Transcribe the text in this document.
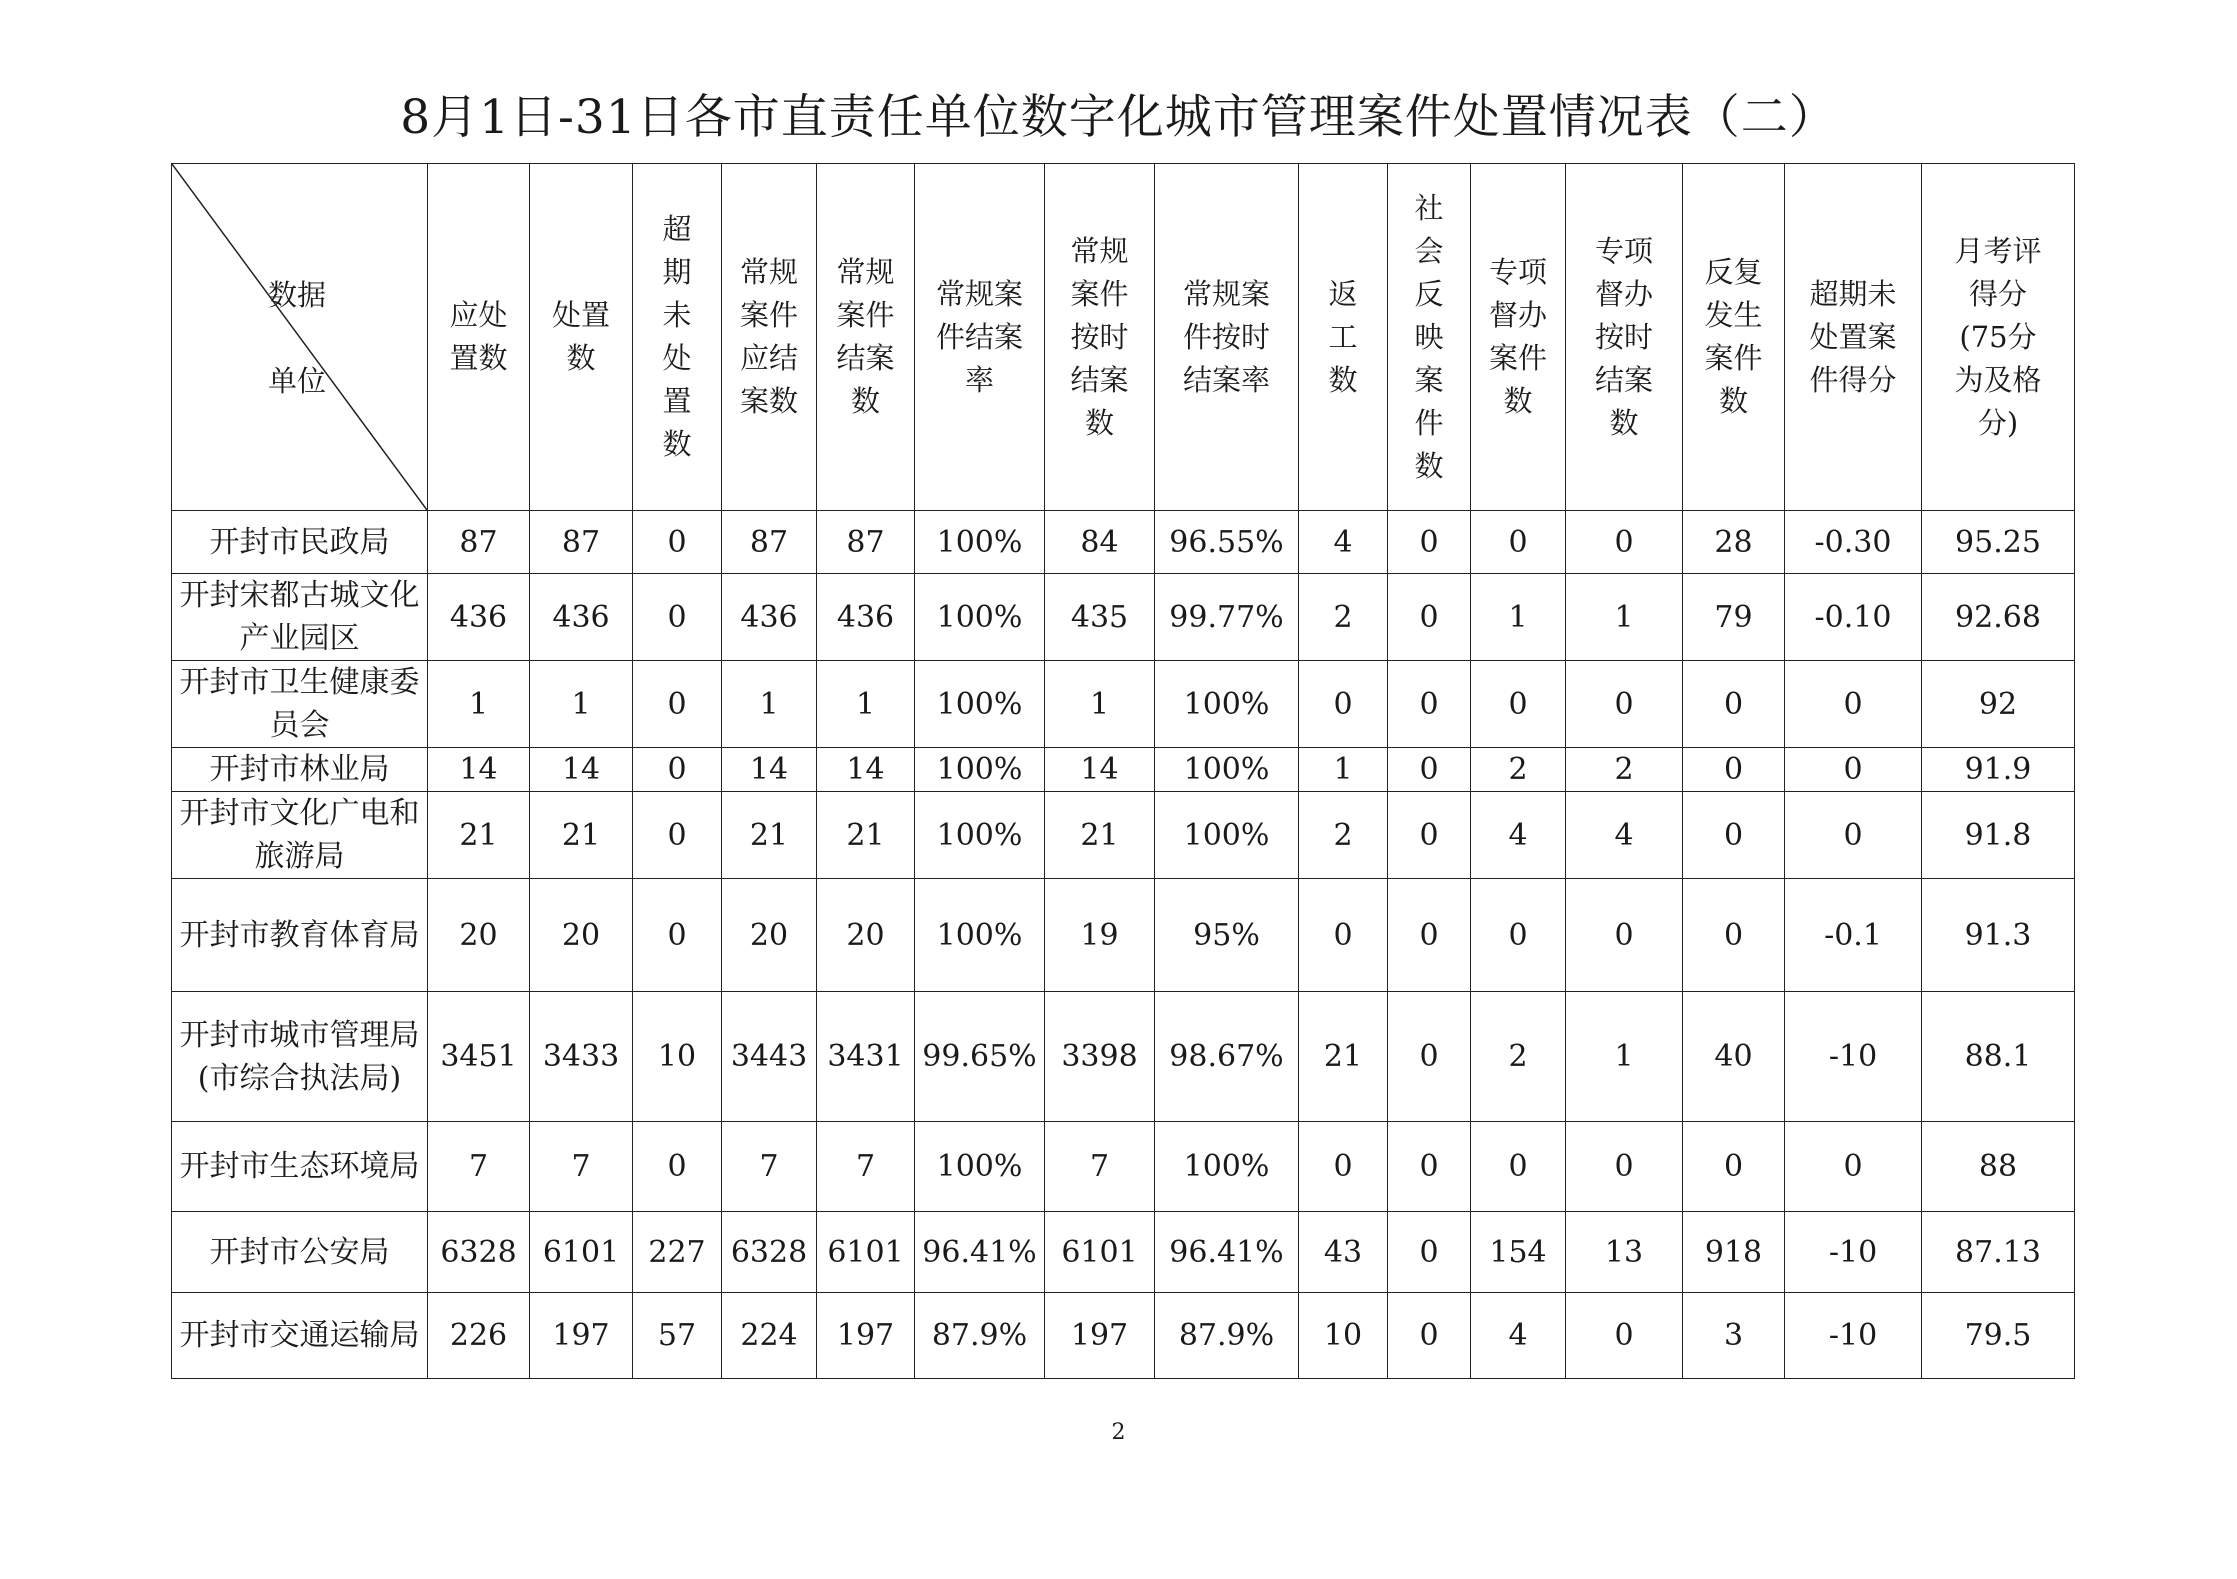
8月1日-31日各市直责任单位数字化城市管理案件处置情况表（二）
数据
单位	应处置数	处置数	超期未处置数	常规案件应结案数	常规案件结案数	常规案件结案率	常规案件按时结案数	常规案件按时结案率	返工数	社会反映案件数	专项督办案件数	专项督办按时结案数	反复发生案件数	超期未处置案件得分	月考评得分(75分为及格分)

开封市民政局	87	87	0	87	87	100%	84	96.55%	4	0	0	0	28	-0.30	95.25
开封宋都古城文化产业园区	436	436	0	436	436	100%	435	99.77%	2	0	1	1	79	-0.10	92.68
开封市卫生健康委员会	1	1	0	1	1	100%	1	100%	0	0	0	0	0	0	92
开封市林业局	14	14	0	14	14	100%	14	100%	1	0	2	2	0	0	91.9
开封市文化广电和旅游局	21	21	0	21	21	100%	21	100%	2	0	4	4	0	0	91.8
开封市教育体育局	20	20	0	20	20	100%	19	95%	0	0	0	0	0	-0.1	91.3
开封市城市管理局(市综合执法局)	3451	3433	10	3443	3431	99.65%	3398	98.67%	21	0	2	1	40	-10	88.1
开封市生态环境局	7	7	0	7	7	100%	7	100%	0	0	0	0	0	0	88
开封市公安局	6328	6101	227	6328	6101	96.41%	6101	96.41%	43	0	154	13	918	-10	87.13
开封市交通运输局	226	197	57	224	197	87.9%	197	87.9%	10	0	4	0	3	-10	79.5
2
